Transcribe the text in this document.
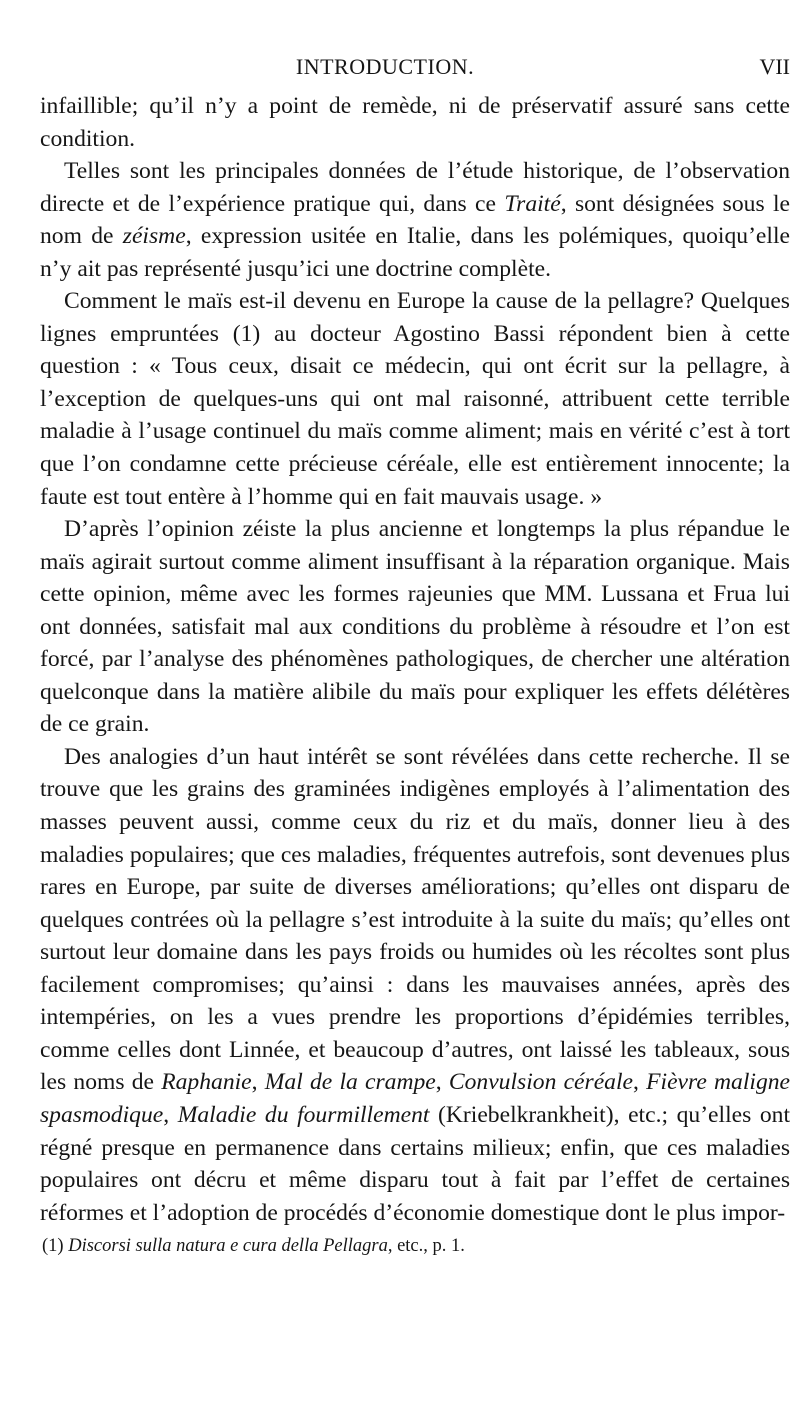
INTRODUCTION.	VII

infaillible; qu’il n’y a point de remède, ni de préservatif assuré sans cette condition.

Telles sont les principales données de l’étude historique, de l’observation directe et de l’expérience pratique qui, dans ce Traité, sont désignées sous le nom de zéisme, expression usitée en Italie, dans les polémiques, quoiqu’elle n’y ait pas représenté jusqu’ici une doctrine complète.

Comment le maïs est-il devenu en Europe la cause de la pellagre? Quelques lignes empruntées (1) au docteur Agostino Bassi répondent bien à cette question : « Tous ceux, disait ce médecin, qui ont écrit sur la pellagre, à l’exception de quelques-uns qui ont mal raisonné, attribuent cette terrible maladie à l’usage continuel du maïs comme aliment; mais en vérité c’est à tort que l’on condamne cette précieuse céréale, elle est entièrement innocente; la faute est tout entère à l’homme qui en fait mauvais usage. »

D’après l’opinion zéiste la plus ancienne et longtemps la plus répandue le maïs agirait surtout comme aliment insuffisant à la réparation organique. Mais cette opinion, même avec les formes rajeunies que MM. Lussana et Frua lui ont données, satisfait mal aux conditions du problème à résoudre et l’on est forcé, par l’analyse des phénomènes pathologiques, de chercher une altération quelconque dans la matière alibile du maïs pour expliquer les effets délétères de ce grain.

Des analogies d’un haut intérêt se sont révélées dans cette recherche. Il se trouve que les grains des graminées indigènes employés à l’alimentation des masses peuvent aussi, comme ceux du riz et du maïs, donner lieu à des maladies populaires; que ces maladies, fréquentes autrefois, sont devenues plus rares en Europe, par suite de diverses améliorations; qu’elles ont disparu de quelques contrées où la pellagre s’est introduite à la suite du maïs; qu’elles ont surtout leur domaine dans les pays froids ou humides où les récoltes sont plus facilement compromises; qu’ainsi : dans les mauvaises années, après des intempéries, on les a vues prendre les proportions d’épidémies terribles, comme celles dont Linnée, et beaucoup d’autres, ont laissé les tableaux, sous les noms de Raphanie, Mal de la crampe, Convulsion céréale, Fièvre maligne spasmodique, Maladie du fourmillement (Kriebelkrankheit), etc.; qu’elles ont régné presque en permanence dans certains milieux; enfin, que ces maladies populaires ont décru et même disparu tout à fait par l’effet de certaines réformes et l’adoption de procédés d’économie domestique dont le plus impor-

(1) Discorsi sulla natura e cura della Pellagra, etc., p. 1.
